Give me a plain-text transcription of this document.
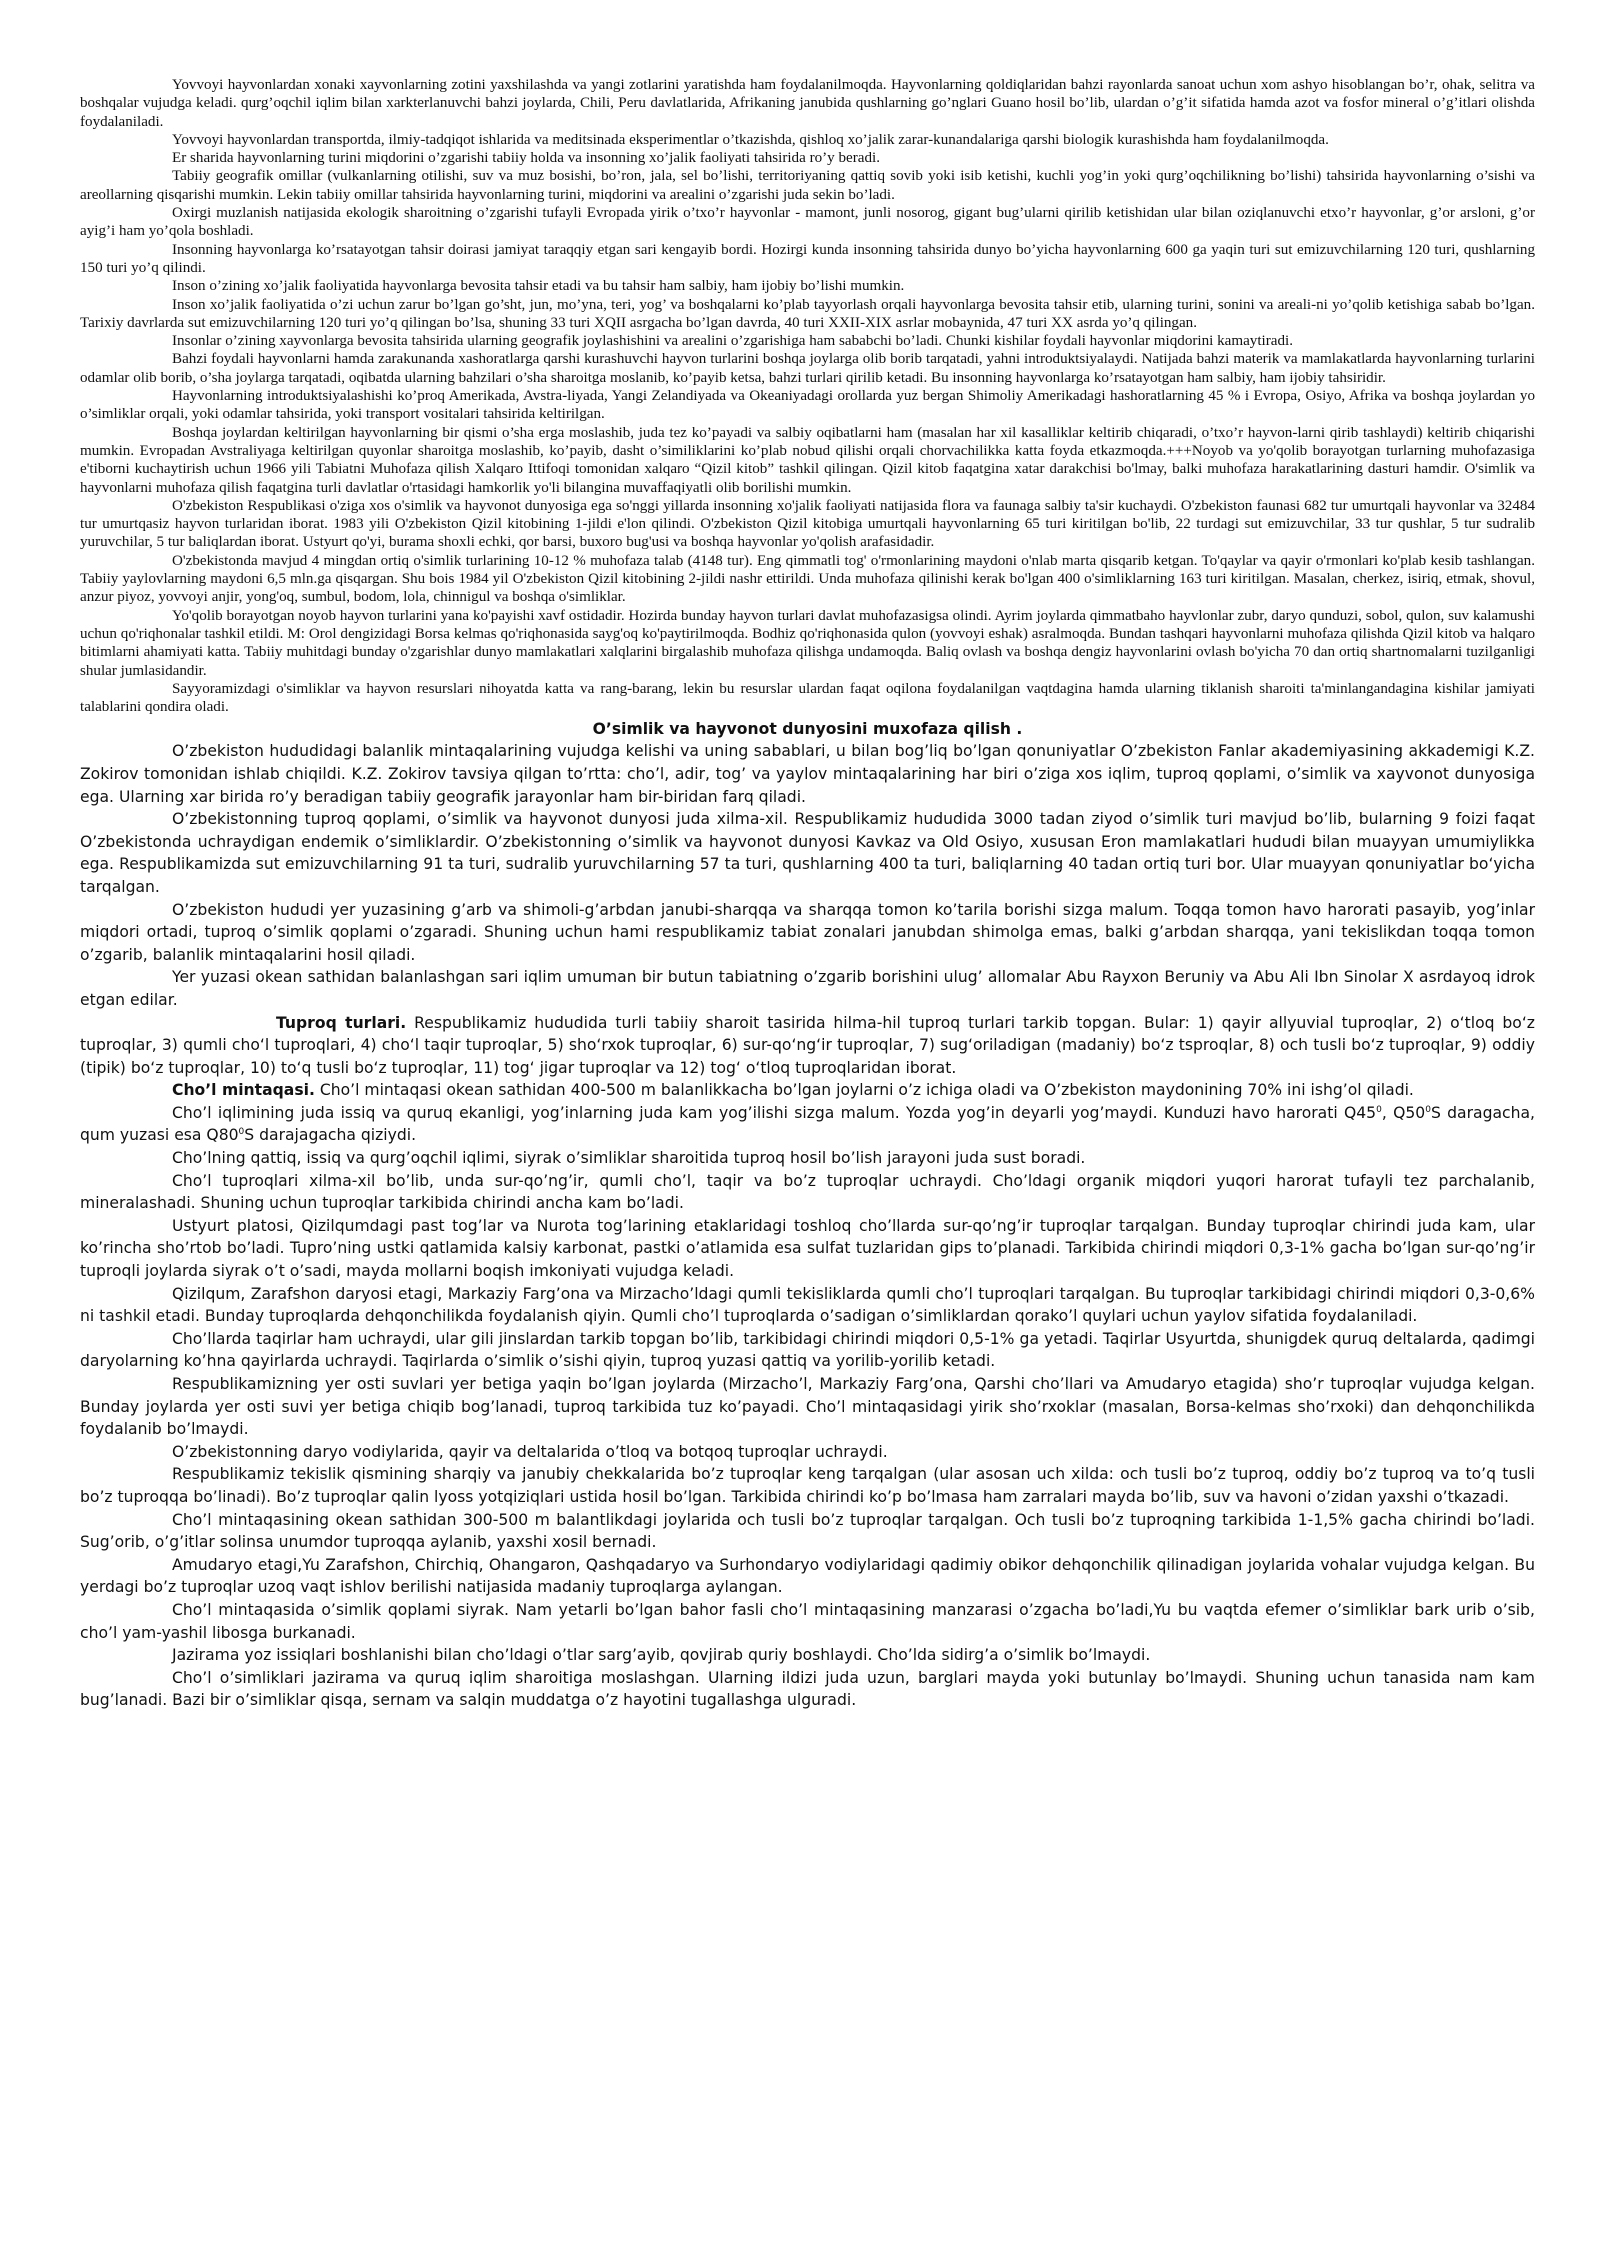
Yovvoyi hayvonlardan xonaki xayvonlarning zotini yaxshilashda va yangi zotlarini yaratishda ham foydalanilmoqda. Hayvonlarning qoldiqlaridan bahzi rayonlarda sanoat uchun xom ashyo hisoblangan bo’r, ohak, selitra va boshqalar vujudga keladi. qurg’oqchil iqlim bilan xarkterlanuvchi bahzi joylarda, Chili, Peru davlatlarida, Afrikaning janubida qushlarning go’nglari Guano hosil bo’lib, ulardan o’g’it sifatida hamda azot va fosfor mineral o’g’itlari olishda foydalaniladi.

Yovvoyi hayvonlardan transportda, ilmiy-tadqiqot ishlarida va meditsinada eksperimentlar o’tkazishda, qishloq xo’jalik zarar-kunandalariga qarshi biologik kurashishda ham foydalanilmoqda.

Er sharida hayvonlarning turini miqdorini o’zgarishi tabiiy holda va insonning xo’jalik faoliyati tahsirida ro’y beradi.

Tabiiy geografik omillar (vulkanlarning otilishi, suv va muz bosishi, bo’ron, jala, sel bo’lishi, territoriyaning qattiq sovib yoki isib ketishi, kuchli yog’in yoki qurg’oqchilikning bo’lishi) tahsirida hayvonlarning o’sishi va areollarning qisqarishi mumkin. Lekin tabiiy omillar tahsirida hayvonlarning turini, miqdorini va arealini o’zgarishi juda sekin bo’ladi.

Oxirgi muzlanish natijasida ekologik sharoitning o’zgarishi tufayli Evropada yirik o’txo’r hayvonlar - mamont, junli nosorog, gigant bug’ularni qirilib ketishidan ular bilan oziqlanuvchi etxo’r hayvonlar, g’or arsloni, g’or ayig’i ham yo’qola boshladi.

Insonning hayvonlarga ko’rsatayotgan tahsir doirasi jamiyat taraqqiy etgan sari kengayib bordi. Hozirgi kunda insonning tahsirida dunyo bo’yicha hayvonlarning 600 ga yaqin turi sut emizuvchilarning 120 turi, qushlarning 150 turi yo’q qilindi.

Inson o’zining xo’jalik faoliyatida hayvonlarga bevosita tahsir etadi va bu tahsir ham salbiy, ham ijobiy bo’lishi mumkin.

Inson xo’jalik faoliyatida o’zi uchun zarur bo’lgan go’sht, jun, mo’yna, teri, yog’ va boshqalarni ko’plab tayyorlash orqali hayvonlarga bevosita tahsir etib, ularning turini, sonini va areali-ni yo’qolib ketishiga sabab bo’lgan. Tarixiy davrlarda sut emizuvchilarning 120 turi yo’q qilingan bo’lsa, shuning 33 turi XQII asrgacha bo’lgan davrda, 40 turi XXII-XIX asrlar mobaynida, 47 turi XX asrda yo’q qilingan.

Insonlar o’zining xayvonlarga bevosita tahsirida ularning geografik joylashishini va arealini o’zgarishiga ham sababchi bo’ladi. Chunki kishilar foydali hayvonlar miqdorini kamaytiradi.

Bahzi foydali hayvonlarni hamda zarakunanda xashoratlarga qarshi kurashuvchi hayvon turlarini boshqa joylarga olib borib tarqatadi, yahni introduktsiyalaydi. Natijada bahzi materik va mamlakatlarda hayvonlarning turlarini odamlar olib borib, o’sha joylarga tarqatadi, oqibatda ularning bahzilari o’sha sharoitga moslanib, ko’payib ketsa, bahzi turlari qirilib ketadi. Bu insonning hayvonlarga ko’rsatayotgan ham salbiy, ham ijobiy tahsiridir.

Hayvonlarning introduktsiyalashishi ko’proq Amerikada, Avstra-liyada, Yangi Zelandiyada va Okeaniyadagi orollarda yuz bergan Shimoliy Amerikadagi hashoratlarning 45 % i Evropa, Osiyo, Afrika va boshqa joylardan yo o’simliklar orqali, yoki odamlar tahsirida, yoki transport vositalari tahsirida keltirilgan.

Boshqa joylardan keltirilgan hayvonlarning bir qismi o’sha erga moslashib, juda tez ko’payadi va salbiy oqibatlarni ham (masalan har xil kasalliklar keltirib chiqaradi, o’txo’r hayvon-larni qirib tashlaydi) keltirib chiqarishi mumkin. Evropadan Avstraliyaga keltirilgan quyonlar sharoitga moslashib, ko’payib, dasht o’similiklarini ko’plab nobud qilishi orqali chorvachilikka katta foyda etkazmoqda.+++Noyob va yo'qolib borayotgan turlarning muhofazasiga e'tiborni kuchaytirish uchun 1966 yili Tabiatni Muhofaza qilish Xalqaro Ittifoqi tomonidan xalqaro “Qizil kitob” tashkil qilingan. Qizil kitob faqatgina xatar darakchisi bo'lmay, balki muhofaza harakatlarining dasturi hamdir. O'simlik va hayvonlarni muhofaza qilish faqatgina turli davlatlar o'rtasidagi hamkorlik yo'li bilangina muvaffaqiyatli olib borilishi mumkin.

O'zbekiston Respublikasi o'ziga xos o'simlik va hayvonot dunyosiga ega so'nggi yillarda insonning xo'jalik faoliyati natijasida flora va faunaga salbiy ta'sir kuchaydi. O'zbekiston faunasi 682 tur umurtqali hayvonlar va 32484 tur umurtqasiz hayvon turlaridan iborat. 1983 yili O'zbekiston Qizil kitobining 1-jildi e'lon qilindi. O'zbekiston Qizil kitobiga umurtqali hayvonlarning 65 turi kiritilgan bo'lib, 22 turdagi sut emizuvchilar, 33 tur qushlar, 5 tur sudralib yuruvchilar, 5 tur baliqlardan iborat. Ustyurt qo'yi, burama shoxli echki, qor barsi, buxoro bug'usi va boshqa hayvonlar yo'qolish arafasidadir.

O'zbekistonda mavjud 4 mingdan ortiq o'simlik turlarining 10-12 % muhofaza talab (4148 tur). Eng qimmatli tog' o'rmonlarining maydoni o'nlab marta qisqarib ketgan. To'qaylar va qayir o'rmonlari ko'plab kesib tashlangan. Tabiiy yaylovlarning maydoni 6,5 mln.ga qisqargan. Shu bois 1984 yil O'zbekiston Qizil kitobining 2-jildi nashr ettirildi. Unda muhofaza qilinishi kerak bo'lgan 400 o'simliklarning 163 turi kiritilgan. Masalan, cherkez, isiriq, etmak, shovul, anzur piyoz, yovvoyi anjir, yong'oq, sumbul, bodom, lola, chinnigul va boshqa o'simliklar.

Yo'qolib borayotgan noyob hayvon turlarini yana ko'payishi xavf ostidadir. Hozirda bunday hayvon turlari davlat muhofazasigsa olindi. Ayrim joylarda qimmatbaho hayvlonlar zubr, daryo qunduzi, sobol, qulon, suv kalamushi uchun qo'riqhonalar tashkil etildi. M: Orol dengizidagi Borsa kelmas qo'riqhonasida sayg'oq ko'paytirilmoqda. Bodhiz qo'riqhonasida qulon (yovvoyi eshak) asralmoqda. Bundan tashqari hayvonlarni muhofaza qilishda Qizil kitob va halqaro bitimlarni ahamiyati katta. Tabiiy muhitdagi bunday o'zgarishlar dunyo mamlakatlari xalqlarini birgalashib muhofaza qilishga undamoqda. Baliq ovlash va boshqa dengiz hayvonlarini ovlash bo'yicha 70 dan ortiq shartnomalarni tuzilganligi shular jumlasidandir.

Sayyoramizdagi o'simliklar va hayvon resurslari nihoyatda katta va rang-barang, lekin bu resurslar ulardan faqat oqilona foydalanilgan vaqtdagina hamda ularning tiklanish sharoiti ta'minlangandagina kishilar jamiyati talablarini qondira oladi.

O’simlik va hayvonot dunyosini muxofaza qilish .

O’zbekiston hududidagi balanlik mintaqalarining vujudga kelishi va uning sabablari, u bilan bog’liq bo’lgan qonuniyatlar O’zbekiston Fanlar akademiyasining akkademigi K.Z. Zokirov tomonidan ishlab chiqildi. K.Z. Zokirov tavsiya qilgan to’rtta: cho’l, adir, tog’ va yaylov mintaqalarining har biri o’ziga xos iqlim, tuproq qoplami, o’simlik va xayvonot dunyosiga ega. Ularning xar birida ro’y beradigan tabiiy geografik jarayonlar ham bir-biridan farq qiladi.

O’zbekistonning tuproq qoplami, o’simlik va hayvonot dunyosi juda xilma-xil. Respublikamiz hududida 3000 tadan ziyod o’simlik turi mavjud bo’lib, bularning 9 foizi faqat O’zbekistonda uchraydigan endemik o’simliklardir. O’zbekistonning o’simlik va hayvonot dunyosi Kavkaz va Old Osiyo, xususan Eron mamlakatlari hududi bilan muayyan umumiylikka ega. Respublikamizda sut emizuvchilarning 91 ta turi, sudralib yuruvchilarning 57 ta turi, qushlarning 400 ta turi, baliqlarning 40 tadan ortiq turi bor. Ular muayyan qonuniyatlar bo‘yicha tarqalgan.

O’zbekiston hududi yer yuzasining g’arb va shimoli-g’arbdan janubi-sharqqa va sharqqa tomon ko’tarila borishi sizga malum. Toqqa tomon havo harorati pasayib, yog’inlar miqdori ortadi, tuproq o’simlik qoplami o’zgaradi. Shuning uchun hami respublikamiz tabiat zonalari janubdan shimolga emas, balki g’arbdan sharqqa, yani tekislikdan toqqa tomon o’zgarib, balanlik mintaqalarini hosil qiladi.

Yer yuzasi okean sathidan balanlashgan sari iqlim umuman bir butun tabiatning o’zgarib borishini ulug’ allomalar Abu Rayxon Beruniy va Abu Ali Ibn Sinolar X asrdayoq idrok etgan edilar.

Tuproq turlari. Respublikamiz hududida turli tabiiy sharoit tasirida hilma-hil tuproq turlari tarkib topgan. Bular: 1) qayir allyuvial tuproqlar, 2) o‘tloq bo‘z tuproqlar, 3) qumli cho‘l tuproqlari, 4) cho‘l taqir tuproqlar, 5) sho‘rxok tuproqlar, 6) sur-qo‘ng‘ir tuproqlar, 7) sug‘oriladigan (madaniy) bo‘z tsproqlar, 8) och tusli bo‘z tuproqlar, 9) oddiy (tipik) bo‘z tuproqlar, 10) to‘q tusli bo‘z tuproqlar, 11) tog‘ jigar tuproqlar va 12) tog‘ o‘tloq tuproqlaridan iborat.

Cho’l mintaqasi. Cho’l mintaqasi okean sathidan 400-500 m balanlikkacha bo’lgan joylarni o’z ichiga oladi va O’zbekiston maydonining 70% ini ishg’ol qiladi.

Cho’l iqlimining juda issiq va quruq ekanligi, yog’inlarning juda kam yog’ilishi sizga malum. Yozda yog’in deyarli yog’maydi. Kunduzi havo harorati $Q45^0$, $Q50^0S$ daragacha, qum yuzasi esa $Q80^0S$ darajagacha qiziydi.

Cho’lning qattiq, issiq va qurg’oqchil iqlimi, siyrak o’simliklar sharoitida tuproq hosil bo’lish jarayoni juda sust boradi.

Cho’l tuproqlari xilma-xil bo’lib, unda sur-qo’ng’ir, qumli cho’l, taqir va bo’z tuproqlar uchraydi. Cho’ldagi organik miqdori yuqori harorat tufayli tez parchalanib, mineralashadi. Shuning uchun tuproqlar tarkibida chirindi ancha kam bo’ladi.

Ustyurt platosi, Qizilqumdagi past tog’lar va Nurota tog’larining etaklaridagi toshloq cho’llarda sur-qo’ng’ir tuproqlar tarqalgan. Bunday tuproqlar chirindi juda kam, ular ko’rincha sho’rtob bo’ladi. Tupro’ning ustki qatlamida kalsiy karbonat, pastki o’atlamida esa sulfat tuzlaridan gips to’planadi. Tarkibida chirindi miqdori 0,3-1% gacha bo’lgan sur-qo’ng’ir tuproqli joylarda siyrak o’t o’sadi, mayda mollarni boqish imkoniyati vujudga keladi.

Qizilqum, Zarafshon daryosi etagi, Markaziy Farg’ona va Mirzacho’ldagi qumli tekisliklarda qumli cho’l tuproqlari tarqalgan. Bu tuproqlar tarkibidagi chirindi miqdori 0,3-0,6% ni tashkil etadi. Bunday tuproqlarda dehqonchilikda foydalanish qiyin. Qumli cho’l tuproqlarda o’sadigan o’simliklardan qorako’l quylari uchun yaylov sifatida foydalaniladi.

Cho’llarda taqirlar ham uchraydi, ular gili jinslardan tarkib topgan bo’lib, tarkibidagi chirindi miqdori 0,5-1% ga yetadi. Taqirlar Usyurtda, shunigdek quruq deltalarda, qadimgi daryolarning ko’hna qayirlarda uchraydi. Taqirlarda o’simlik o’sishi qiyin, tuproq yuzasi qattiq va yorilib-yorilib ketadi.

Respublikamizning yer osti suvlari yer betiga yaqin bo’lgan joylarda (Mirzacho’l, Markaziy Farg’ona, Qarshi cho’llari va Amudaryo etagida) sho’r tuproqlar vujudga kelgan. Bunday joylarda yer osti suvi yer betiga chiqib bog’lanadi, tuproq tarkibida tuz ko’payadi. Cho’l mintaqasidagi yirik sho’rxoklar (masalan, Borsa-kelmas sho’rxoki) dan dehqonchilikda foydalanib bo’lmaydi.

O’zbekistonning daryo vodiylarida, qayir va deltalarida o’tloq va botqoq tuproqlar uchraydi.

Respublikamiz tekislik qismining sharqiy va janubiy chekkalarida bo’z tuproqlar keng tarqalgan (ular asosan uch xilda: och tusli bo’z tuproq, oddiy bo’z tuproq va to’q tusli bo’z tuproqqa bo’linadi). Bo’z tuproqlar qalin lyoss yotqiziqlari ustida hosil bo’lgan. Tarkibida chirindi ko’p bo’lmasa ham zarralari mayda bo’lib, suv va havoni o’zidan yaxshi o’tkazadi.

Cho’l mintaqasining okean sathidan 300-500 m balantlikdagi joylarida och tusli bo’z tuproqlar tarqalgan. Och tusli bo’z tuproqning tarkibida 1-1,5% gacha chirindi bo’ladi. Sug’orib, o’g’itlar solinsa unumdor tuproqqa aylanib, yaxshi xosil bernadi.

Amudaryo etagi,Yu Zarafshon, Chirchiq, Ohangaron, Qashqadaryo va Surhondaryo vodiylaridagi qadimiy obikor dehqonchilik qilinadigan joylarida vohalar vujudga kelgan. Bu yerdagi bo’z tuproqlar uzoq vaqt ishlov berilishi natijasida madaniy tuproqlarga aylangan.

Cho’l mintaqasida o’simlik qoplami siyrak. Nam yetarli bo’lgan bahor fasli cho’l mintaqasining manzarasi o’zgacha bo’ladi,Yu bu vaqtda efemer o’simliklar bark urib o’sib, cho’l yam-yashil libosga burkanadi.

Jazirama yoz issiqlari boshlanishi bilan cho’ldagi o’tlar sarg’ayib, qovjirab quriy boshlaydi. Cho’lda sidirg’a o’simlik bo’lmaydi.

Cho’l o’simliklari jazirama va quruq iqlim sharoitiga moslashgan. Ularning ildizi juda uzun, barglari mayda yoki butunlay bo’lmaydi. Shuning uchun tanasida nam kam bug’lanadi. Bazi bir o’simliklar qisqa, sernam va salqin muddatga o’z hayotini tugallashga ulguradi.
